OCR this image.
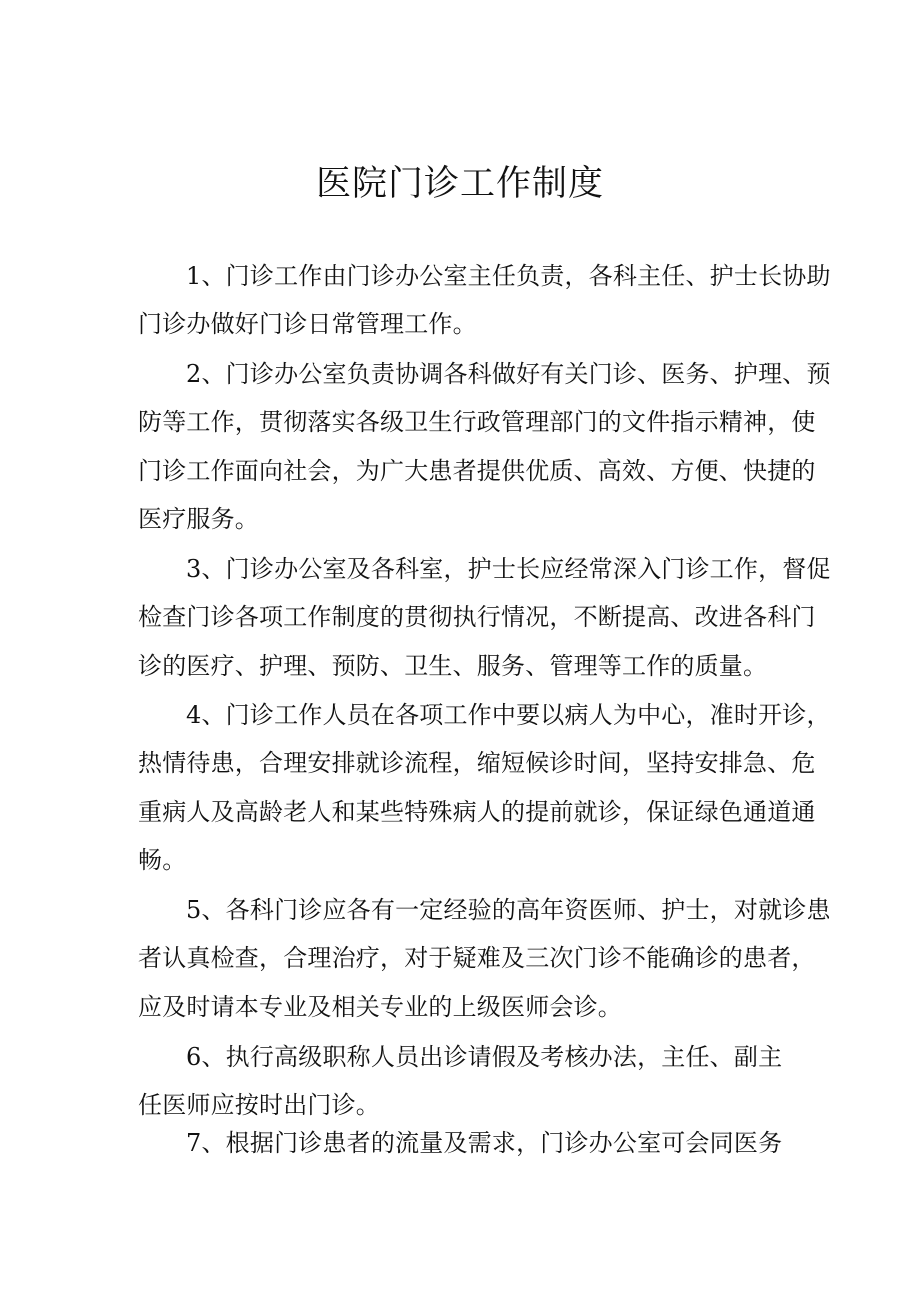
医院门诊工作制度
1、门诊工作由门诊办公室主任负责，各科主任、护士长协助
门诊办做好门诊日常管理工作。
2、门诊办公室负责协调各科做好有关门诊、医务、护理、预
防等工作，贯彻落实各级卫生行政管理部门的文件指示精神，使
门诊工作面向社会，为广大患者提供优质、高效、方便、快捷的
医疗服务。
3、门诊办公室及各科室，护士长应经常深入门诊工作，督促
检查门诊各项工作制度的贯彻执行情况，不断提高、改进各科门
诊的医疗、护理、预防、卫生、服务、管理等工作的质量。
4、门诊工作人员在各项工作中要以病人为中心，准时开诊，
热情待患，合理安排就诊流程，缩短候诊时间，坚持安排急、危
重病人及高龄老人和某些特殊病人的提前就诊，保证绿色通道通
畅。
5、各科门诊应各有一定经验的高年资医师、护士，对就诊患
者认真检查，合理治疗，对于疑难及三次门诊不能确诊的患者，
应及时请本专业及相关专业的上级医师会诊。
6、执行高级职称人员出诊请假及考核办法，主任、副主
任医师应按时出门诊。
7、根据门诊患者的流量及需求，门诊办公室可会同医务
